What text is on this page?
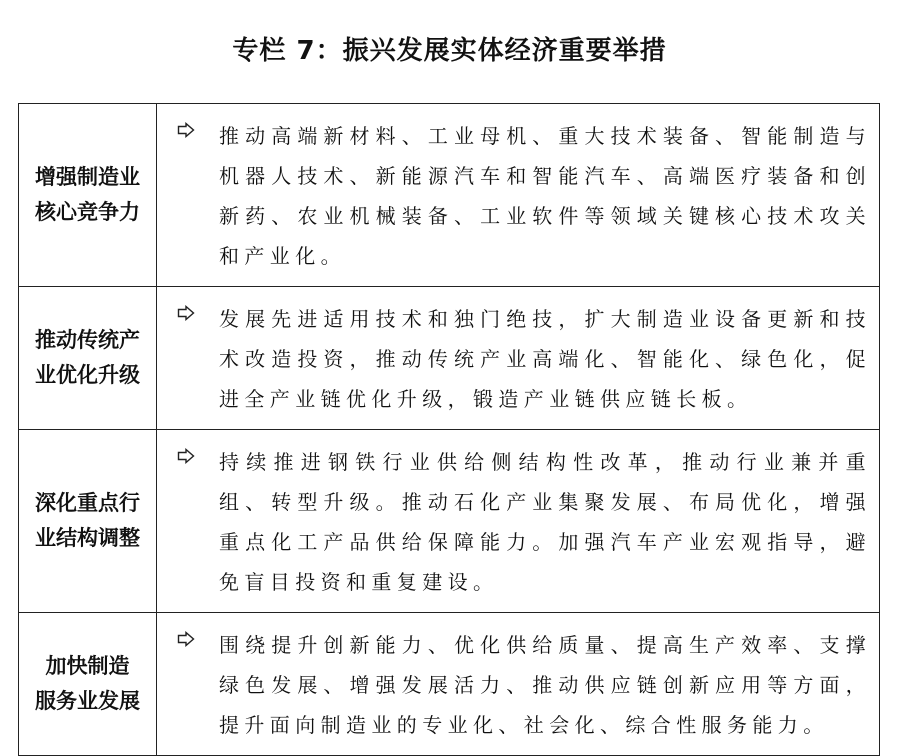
专栏 7：振兴发展实体经济重要举措
增强制造业
核心竞争力	推动高端新材料、工业母机、重大技术装备、智能制造与机器人技术、新能源汽车和智能汽车、高端医疗装备和创新药、农业机械装备、工业软件等领域关键核心技术攻关和产业化。

推动传统产
业优化升级	发展先进适用技术和独门绝技，扩大制造业设备更新和技术改造投资，推动传统产业高端化、智能化、绿色化，促进全产业链优化升级，锻造产业链供应链长板。

深化重点行
业结构调整	持续推进钢铁行业供给侧结构性改革，推动行业兼并重组、转型升级。推动石化产业集聚发展、布局优化，增强重点化工产品供给保障能力。加强汽车产业宏观指导，避免盲目投资和重复建设。

加快制造
服务业发展	围绕提升创新能力、优化供给质量、提高生产效率、支撑绿色发展、增强发展活力、推动供应链创新应用等方面，提升面向制造业的专业化、社会化、综合性服务能力。
